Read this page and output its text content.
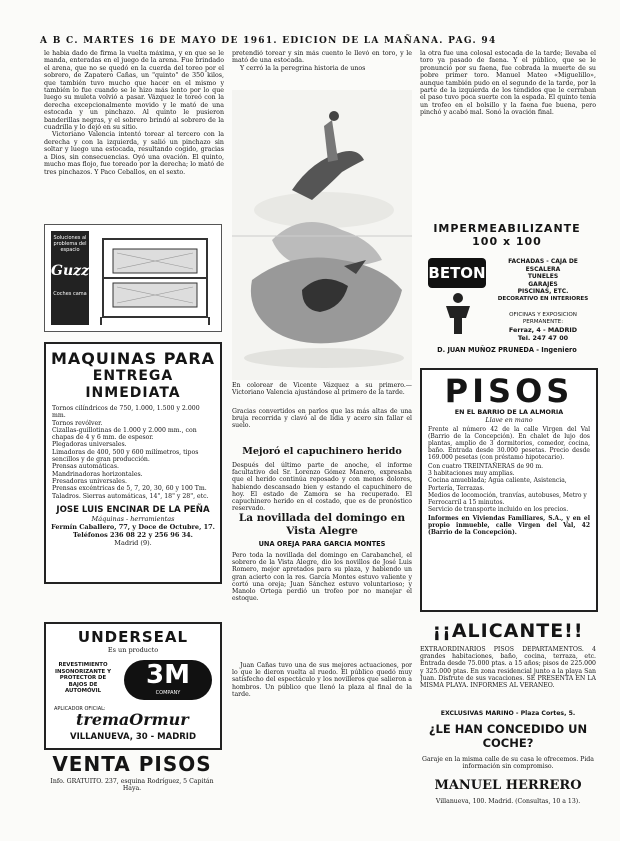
A B C. MARTES 16 DE MAYO DE 1961. EDICION DE LA MAÑANA. PAG. 94

le habia dado de firma la vuelta máxima, y en que se le manda, enteradas en el juego de la arena. Fue brindado el arena, que no se quedó en la cuerda del toreo por el sobrero, de Zapatero Cañas, un "quinto" de 350 kilos, que también tuvo mucho que hacer en el mismo y también lo fue cuando se le hizo más lento por lo que luego su muleta volvió a pasar. Vázquez le toreó con la derecha excepcionalmente movido y le mató de una estocada y un pinchazo. Al quinto le pusieron banderillas negras, y el sobrero brindó al sobrero de la cuadrilla y lo dejó en su sitio.

Victoriano Valencia intentó torear al tercero con la derecha y con la izquierda, y salió un pinchazo sin soltar y luego una estocada, resultando cogido, gracias a Dios, sin consecuencias. Oyó una ovación. El quinto, mucho mas flojo, fue toreado por la derecha; lo mató de tres pinchazos. Y Paco Ceballos, en el sexto.

Soluciones al problema del espacio
Guzzi
Coches cama
MAQUINAS PARA
ENTREGA INMEDIATA
Tornos cilíndricos de 750, 1.000, 1.500 y 2.000 mm.
Tornos revólver.
Cizallas-guillotinas de 1.000 y 2.000 mm., con chapas de 4 y 6 mm. de espesor.
Plegadoras universales.
Limadoras de 400, 500 y 600 milímetros, tipos sencillos y de gran producción.
Prensas automáticas.
Mandrinadoras horizontales.
Fresadoras universales.
Prensas excéntricas de 5, 7, 20, 30, 60 y 100 Tm.
Taladros. Sierras automáticas, 14", 18" y 28", etc.
JOSE LUIS ENCINAR DE LA PEÑA
Máquinas - herramientas
Fermín Caballero, 77, y Doce de Octubre, 17.
Teléfonos 236 08 22 y 256 96 34.
Madrid (9).
UNDERSEAL
Es un producto
REVESTIMIENTO INSONORIZANTE Y PROTECTOR DE BAJOS DE AUTOMÓVIL
3M
COMPANY
APLICADOR OFICIAL:
tremaOrmur
VILLANUEVA, 30 - MADRID
VENTA PISOS
Info. GRATUITO. 237, esquina Rodríguez, 5 Capitán Haya.

pretendió torear y sin más cuento le llevó en toro, y le mató de una estocada.

Y cerró la la peregrina historia de unos

En colorear de Vicente Vázquez a su primero.— Victoriano Valencia ajustándose al primero de la tarde.
Gracias convertidos en parlos que las más altas de una bruja recorrida y clavó al de lidia y acero sin fallar el suelo.
Mejoró el capuchinero herido
Después del último parte de anoche, el informe facultativo del Sr. Lorenzo Gómez Manero, expresaba que el herido continúa reposado y con menos dolores, habiendo descansado bien y estando el capuchinero de hoy. El estado de Zamora se ha recuperado. El capuchinero herido en el costado, que es de pronóstico reservado.
La novillada del domingo en Vista Alegre
UNA OREJA PARA GARCIA MONTES
Pero toda la novillada del domingo en Carabanchel, el sobrero de la Vista Alegre, dio los novillos de José Luis Romero, mejor apretados para su plaza, y habiendo un gran acierto con la res. García Montes estuvo valiente y cortó una oreja; Juan Sánchez estuvo voluntarioso; y Manolo Ortega perdió un trofeo por no manejar el estoque.
Juan Cañas tuvo una de sus mejores actuaciones, por lo que le dieron vuelta al ruedo. El público quedó muy satisfecho del espectáculo y los novilleros que salieron a hombros. Un público que llenó la plaza al final de la tarde.

la otra fue una colosal estocada de la tarde; llevaba el toro ya pasado de faena. Y el público, que se le pronunció por su faena, fue cobrada la muerte de su pobre primer toro. Manuel Mateo «Miguelillo», aunque también pudo en el segundo de la tarde, por la parte de la izquierda de los tendidos que le cerraban el paso tuvo poca suerte con la espada. El quinto tenía un trofeo en el bolsillo y la faena fue buena, pero pinchó y acabó mal. Sonó la ovación final.

IMPERMEABILIZANTE
100 x 100
BETON
FACHADAS - CAJA DE ESCALERA
TUNELES
GARAJES
PISCINAS, ETC.
DECORATIVO EN INTERIORES
OFICINAS Y EXPOSICION PERMANENTE:
Ferraz, 4 - MADRID
Tel. 247 47 00
D. JUAN MUÑOZ PRUNEDA - Ingeniero
PISOS
EN EL BARRIO DE LA ALMORIA
Llave en mano
Frente al número 42 de la calle Virgen del Val (Barrio de la Concepción). En chalet de lujo dos plantas, amplio de 3 dormitorios, comedor, cocina, baño. Entrada desde 30.000 pesetas. Precio desde 169.000 pesetas (con préstamo hipotecario).
Con cuatro TREINTAÑERAS de 90 m.
3 habitaciones muy amplias.
Cocina amueblada; Agua caliente, Asistencia, Portería, Terrazas.
Medios de locomoción, tranvías, autobuses, Metro y Ferrocarril a 15 minutos.
Servicio de transporte incluido en los precios.
Informes en Viviendas Familiares, S.A., y en el propio inmueble, calle Virgen del Val, 42 (Barrio de la Concepción).
¡¡ALICANTE!!
EXTRAORDINARIOS PISOS DEPARTAMENTOS. 4 grandes habitaciones, baño, cocina, terraza, etc. Entrada desde 75.000 ptas. a 15 años; pisos de 225.000 y 325.000 ptas. En zona residencial junto a la playa San Juan. Disfrute de sus vacaciones. SE PRESENTA EN LA MISMA PLAYA. INFORMES AL VERANEO.
EXCLUSIVAS MARINO - Plaza Cortes, 5.
¿LE HAN CONCEDIDO UN COCHE?
Garaje en la misma calle de su casa le ofrecemos. Pida información sin compromiso.
MANUEL HERRERO
Villanueva, 100. Madrid. (Consultas, 10 a 13).
